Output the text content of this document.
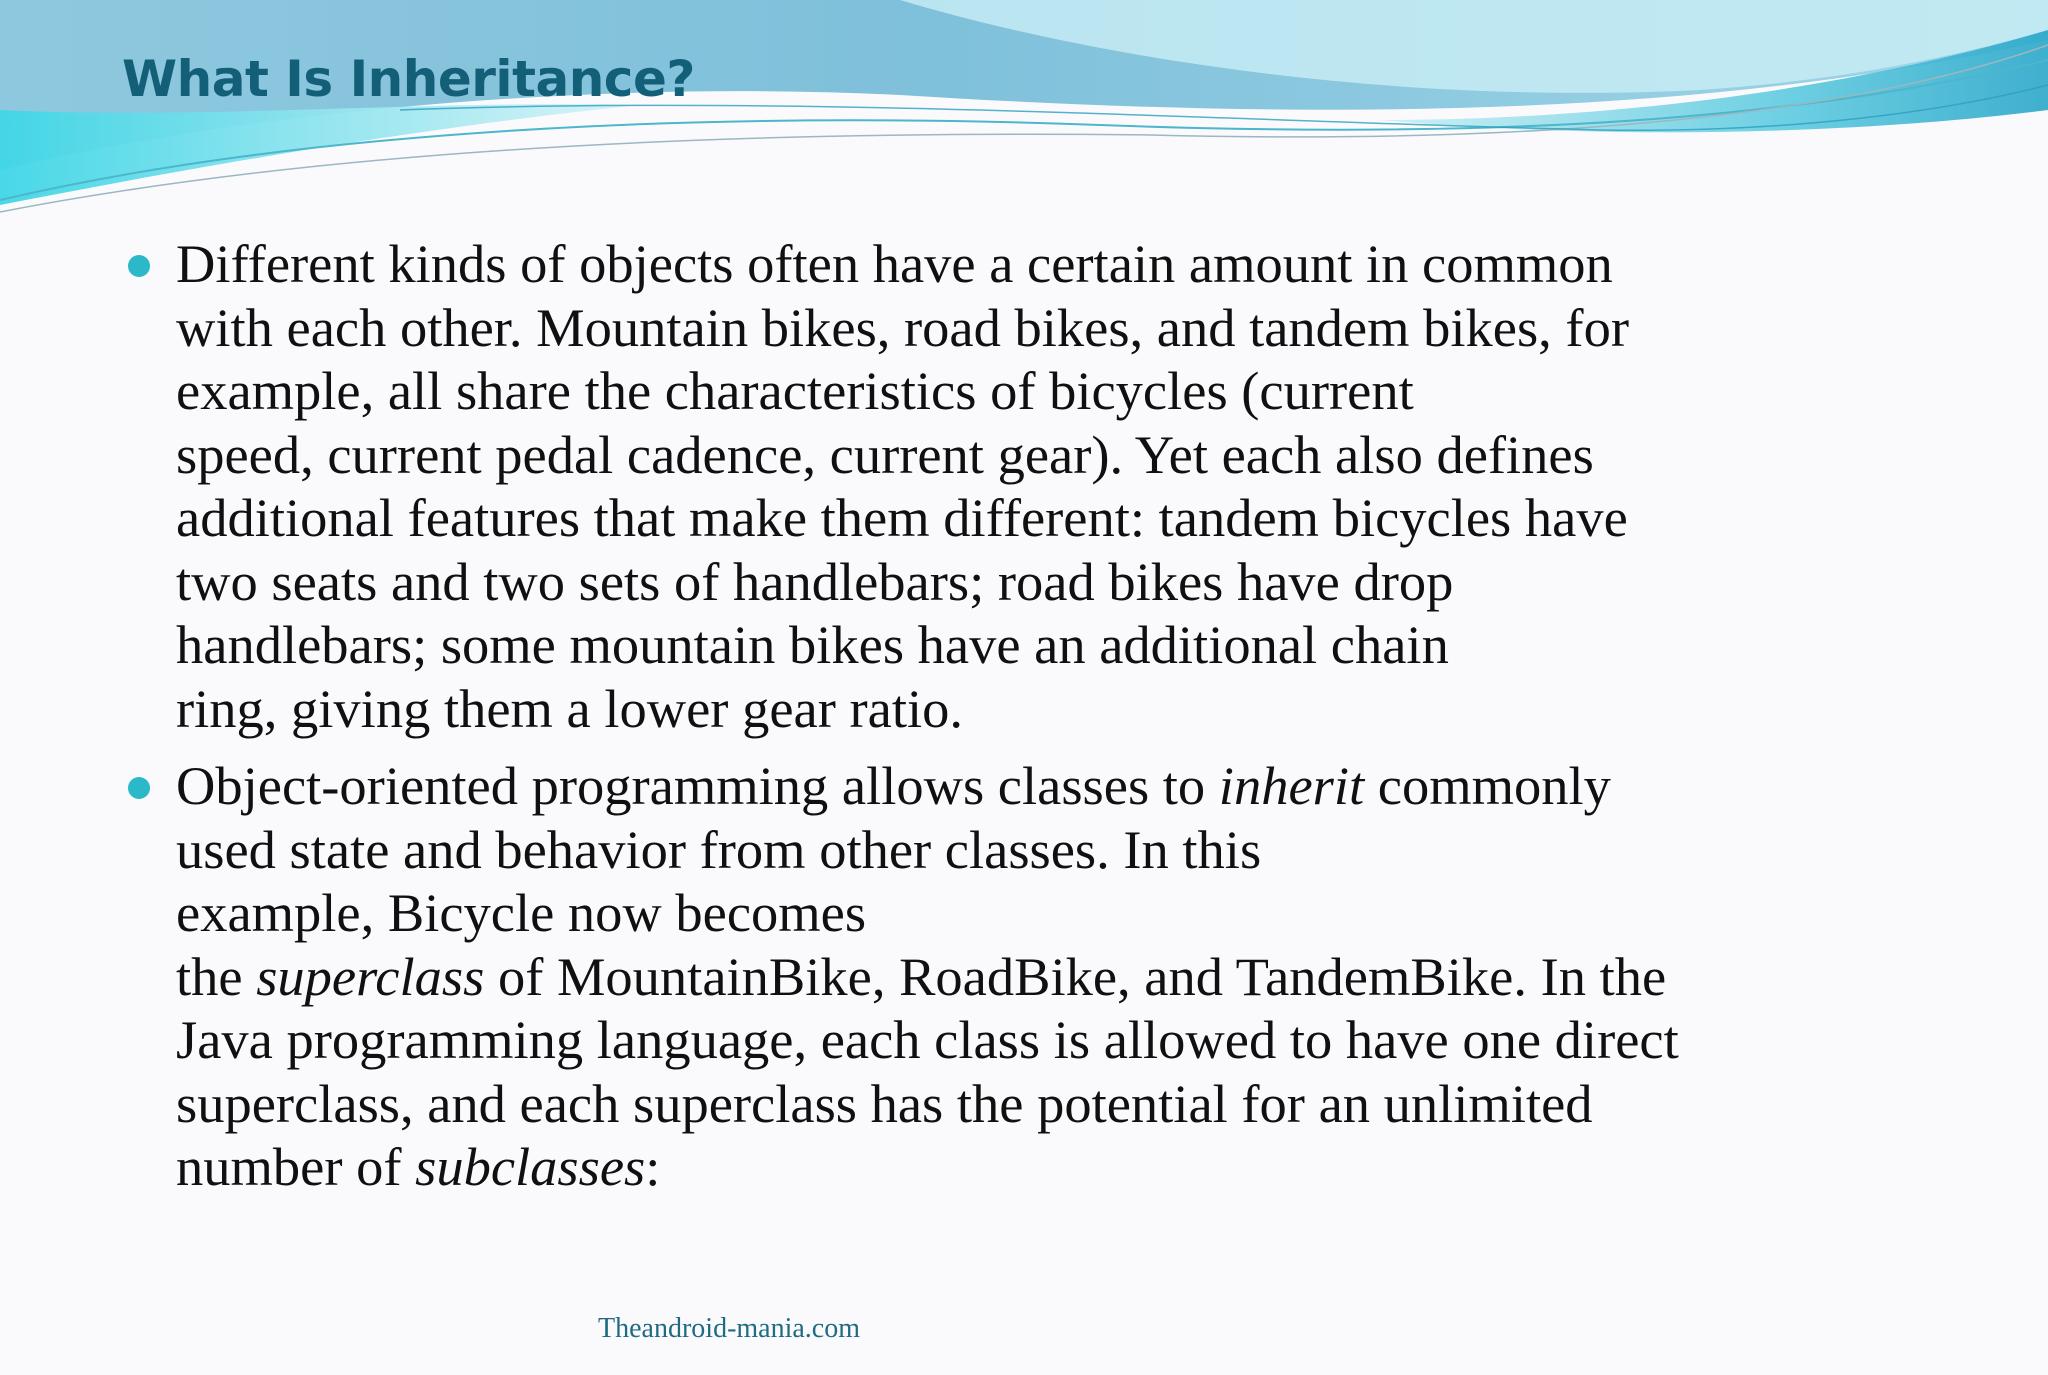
What Is Inheritance?
Different kinds of objects often have a certain amount in common
with each other. Mountain bikes, road bikes, and tandem bikes, for
example, all share the characteristics of bicycles (current
speed, current pedal cadence, current gear). Yet each also defines
additional features that make them different: tandem bicycles have
two seats and two sets of handlebars; road bikes have drop
handlebars; some mountain bikes have an additional chain
ring, giving them a lower gear ratio.
Object-oriented programming allows classes to inherit commonly
used state and behavior from other classes. In this
example, Bicycle now becomes
the superclass of MountainBike, RoadBike, and TandemBike. In the
Java programming language, each class is allowed to have one direct
superclass, and each superclass has the potential for an unlimited
number of subclasses:
Theandroid-mania.com
